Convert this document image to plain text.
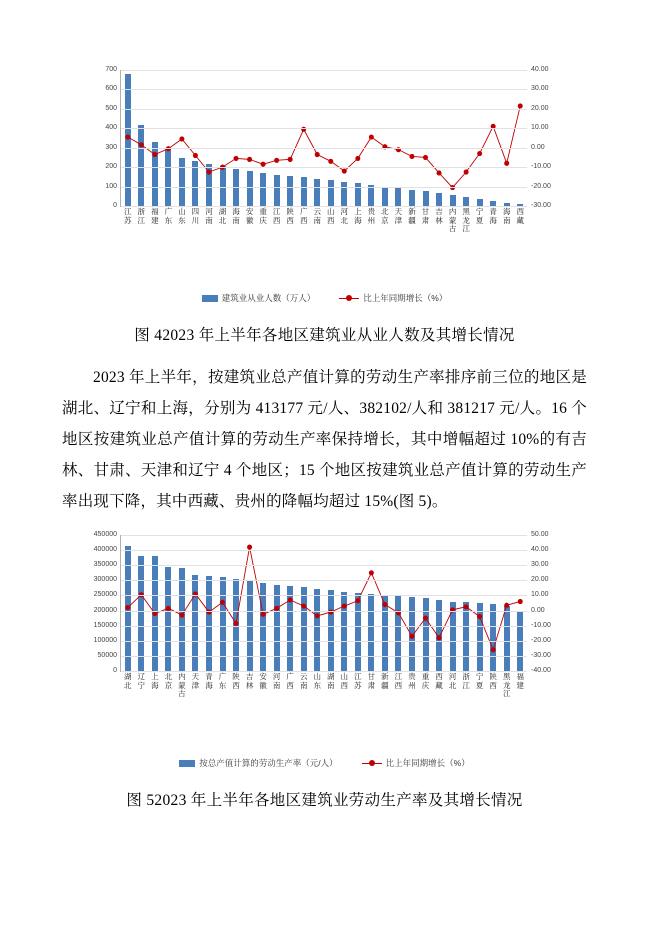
江苏
浙江
福建
广东
山东
四川
河南
湖北
海南
安徽
重庆
江西
陕西
广西
云南
山西
河北
上海
贵州
北京
天津
新疆
甘肃
吉林
内蒙古
黑龙江
宁夏
青海
海南
西藏
0	-30.00
100	-20.00
200	-10.00
300	0.00
400	10.00
500	20.00
600	30.00
700	40.00
建筑业从业人数（万人）	比上年同期增长（%）
图 42023 年上半年各地区建筑业从业人数及其增长情况

2023 年上半年，按建筑业总产值计算的劳动生产率排序前三位的地区是湖北、辽宁和上海，分别为 413177 元/人、382102/人和 381217 元/人。16 个地区按建筑业总产值计算的劳动生产率保持增长，其中增幅超过 10%的有吉林、甘肃、天津和辽宁 4 个地区；15 个地区按建筑业总产值计算的劳动生产率出现下降，其中西藏、贵州的降幅均超过 15%(图 5)。

湖北
辽宁
上海
北京
内蒙古
天津
青海
广东
陕西
吉林
安徽
河南
广西
云南
山东
湖南
山西
江苏
甘肃
新疆
江西
贵州
重庆
西藏
河北
浙江
宁夏
陕西
黑龙江
福建
0	-40.00
50000	-30.00
100000	-20.00
150000	-10.00
200000	0.00
250000	10.00
300000	20.00
350000	30.00
400000	40.00
450000	50.00
按总产值计算的劳动生产率（元/人）	比上年同期增长（%）
图 52023 年上半年各地区建筑业劳动生产率及其增长情况
